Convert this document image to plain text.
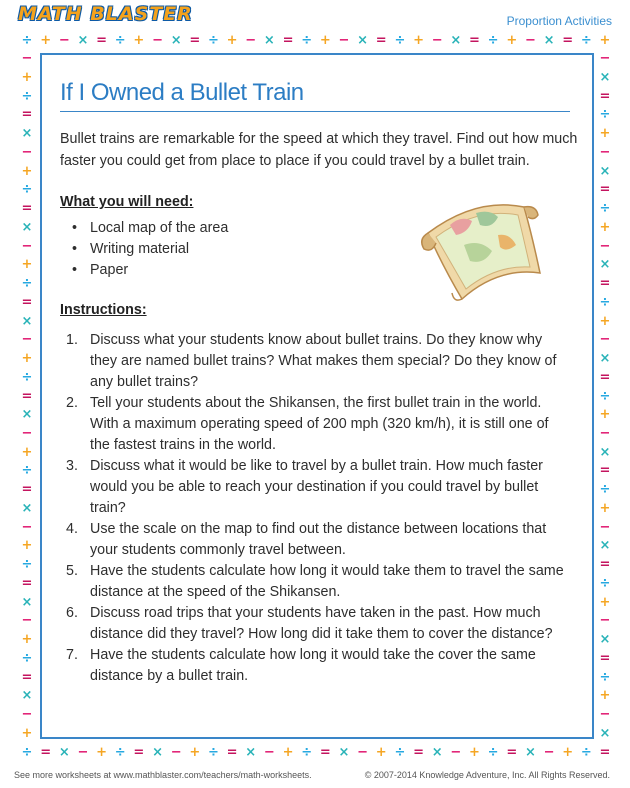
MATH BLASTER	Proportion Activities
÷ + − × = ÷ + − × = ÷ + − × = ÷ + − × = ÷ + − × = ÷ + − × = ÷ +
−
×
=
÷
+
−
×
=
÷
+
−
×
=
÷
+
−
×
=
÷
+
−
×
=
÷
+
−
×
=
÷
+
−
×
=
÷
+
−
×
=
÷
+
−
×
=
÷
+
−
×
=
÷
+
−
×
=
÷
+
−
×
=
÷
+
−
×
=
÷
+
−
×
=
÷
+
−
×
=
÷
+
−
×
=
÷
+
−
×
=
÷
+
−
×
=
÷
+
−
×
=
÷
+
−
×
=
÷
+
−
×
=
÷
+
−
If I Owned a Bullet Train
Bullet trains are remarkable for the speed at which they travel. Find out how much faster you could get from place to place if you could travel by a bullet train.
What you will need:
• Local map of the area
• Writing material
• Paper
Instructions:
1. Discuss what your students know about bullet trains. Do they know why they are named bullet trains? What makes them special? Do they know of any bullet trains?
2. Tell your students about the Shikansen, the first bullet train in the world. With a maximum operating speed of 200 mph (320 km/h), it is still one of the fastest trains in the world.
3. Discuss what it would be like to travel by a bullet train. How much faster would you be able to reach your destination if you could travel by bullet train?
4. Use the scale on the map to find out the distance between locations that your students commonly travel between.
5. Have the students calculate how long it would take them to travel the same distance at the speed of the Shikansen.
6. Discuss road trips that your students have taken in the past. How much distance did they travel? How long did it take them to cover the distance?
7. Have the students calculate how long it would take the cover the same distance by a bullet train.
See more worksheets at www.mathblaster.com/teachers/math-worksheets.	© 2007-2014 Knowledge Adventure, Inc. All Rights Reserved.
